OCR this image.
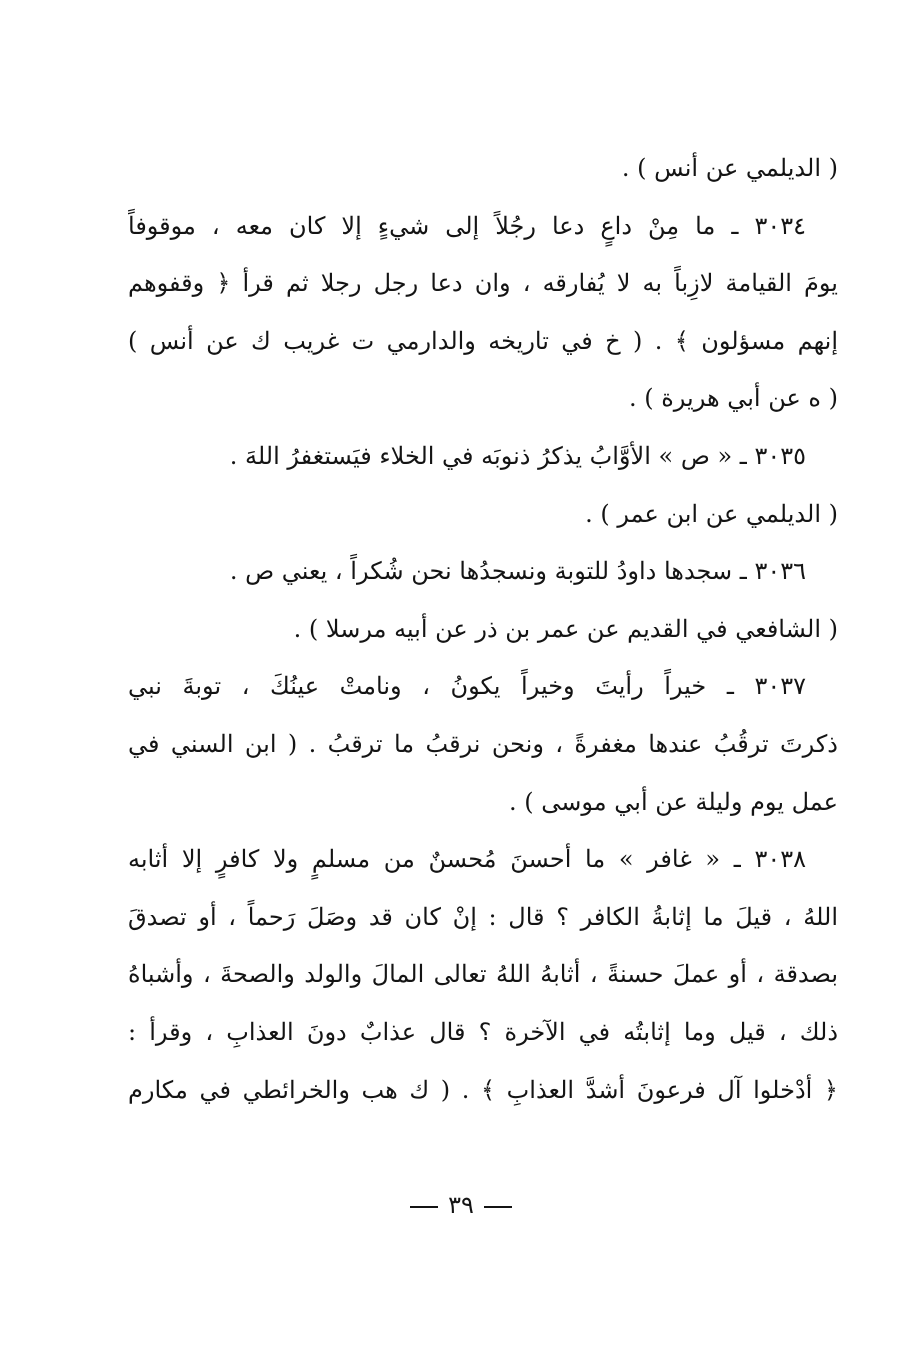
( الديلمي عن أنس ) .
٣٠٣٤ ـ ما مِنْ داعٍ دعا رجُلاً إلى شيءٍ إلا كان معه ، موقوفاً
يومَ القيامة لازِباً به لا يُفارقه ، وان دعا رجل رجلا ثم قرأ ﴿ وقفوهم
إنهم مسؤلون ﴾ . ( خ في تاريخه والدارمي ت غريب ك عن أنس )
( ه عن أبي هريرة ) .
٣٠٣٥ ـ « ص » الأوَّابُ يذكرُ ذنوبَه في الخلاء فيَستغفرُ اللهَ .
( الديلمي عن ابن عمر ) .
٣٠٣٦ ـ سجدها داودُ للتوبة ونسجدُها نحن شُكراً ، يعني ص .
( الشافعي في القديم عن عمر بن ذر عن أبيه مرسلا ) .
٣٠٣٧ ـ خيراً رأيتَ وخيراً يكونُ ، ونامتْ عينُكَ ، توبةَ نبي
ذكرتَ ترقُبُ عندها مغفرةً ، ونحن نرقبُ ما ترقبُ . ( ابن السني في
عمل يوم وليلة عن أبي موسى ) .
٣٠٣٨ ـ « غافر » ما أحسنَ مُحسنٌ من مسلمٍ ولا كافرٍ إلا أثابه
اللهُ ، قيلَ ما إثابةُ الكافر ؟ قال : إنْ كان قد وصَلَ رَحماً ، أو تصدقَ
بصدقة ، أو عملَ حسنةً ، أثابهُ اللهُ تعالى المالَ والولد والصحةَ ، وأشباهُ
ذلك ، قيل وما إثابتُه في الآخرة ؟ قال عذابٌ دونَ العذابِ ، وقرأ :
﴿ أدْخلوا آل فرعونَ أشدَّ العذابِ ﴾ . ( ك هب والخرائطي في مكارم
٣٩
